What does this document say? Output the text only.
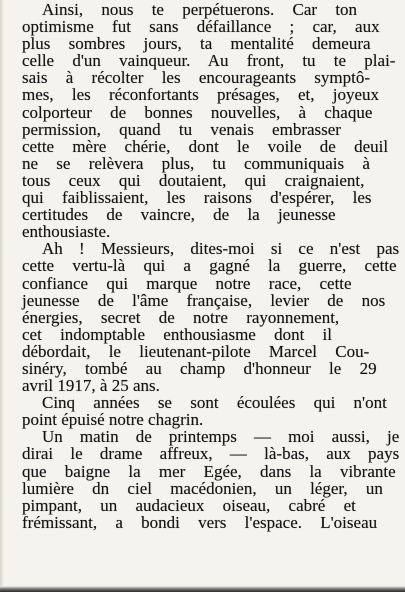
Ainsi, nous te perpétuerons. Car ton
optimisme fut sans défaillance ; car, aux
plus sombres jours, ta mentalité demeura
celle d'un vainqueur. Au front, tu te plai-
sais à récolter les encourageants symptô-
mes, les réconfortants présages, et, joyeux
colporteur de bonnes nouvelles, à chaque
permission, quand tu venais embrasser
cette mère chérie, dont le voile de deuil
ne se relèvera plus, tu communiquais à
tous ceux qui doutaient, qui craignaient,
qui faiblissaient, les raisons d'espérer, les
certitudes de vaincre, de la jeunesse
enthousiaste.
Ah ! Messieurs, dites-moi si ce n'est pas
cette vertu-là qui a gagné la guerre, cette
confiance qui marque notre race, cette
jeunesse de l'âme française, levier de nos
énergies, secret de notre rayonnement,
cet indomptable enthousiasme dont il
débordait, le lieutenant-pilote Marcel Cou-
sinéry, tombé au champ d'honneur le 29
avril 1917, à 25 ans.
Cinq années se sont écoulées qui n'ont
point épuisé notre chagrin.
Un matin de printemps — moi aussi, je
dirai le drame affreux, — là-bas, aux pays
que baigne la mer Egée, dans la vibrante
lumière dn ciel macédonien, un léger, un
pimpant, un audacieux oiseau, cabré et
frémissant, a bondi vers l'espace. L'oiseau
